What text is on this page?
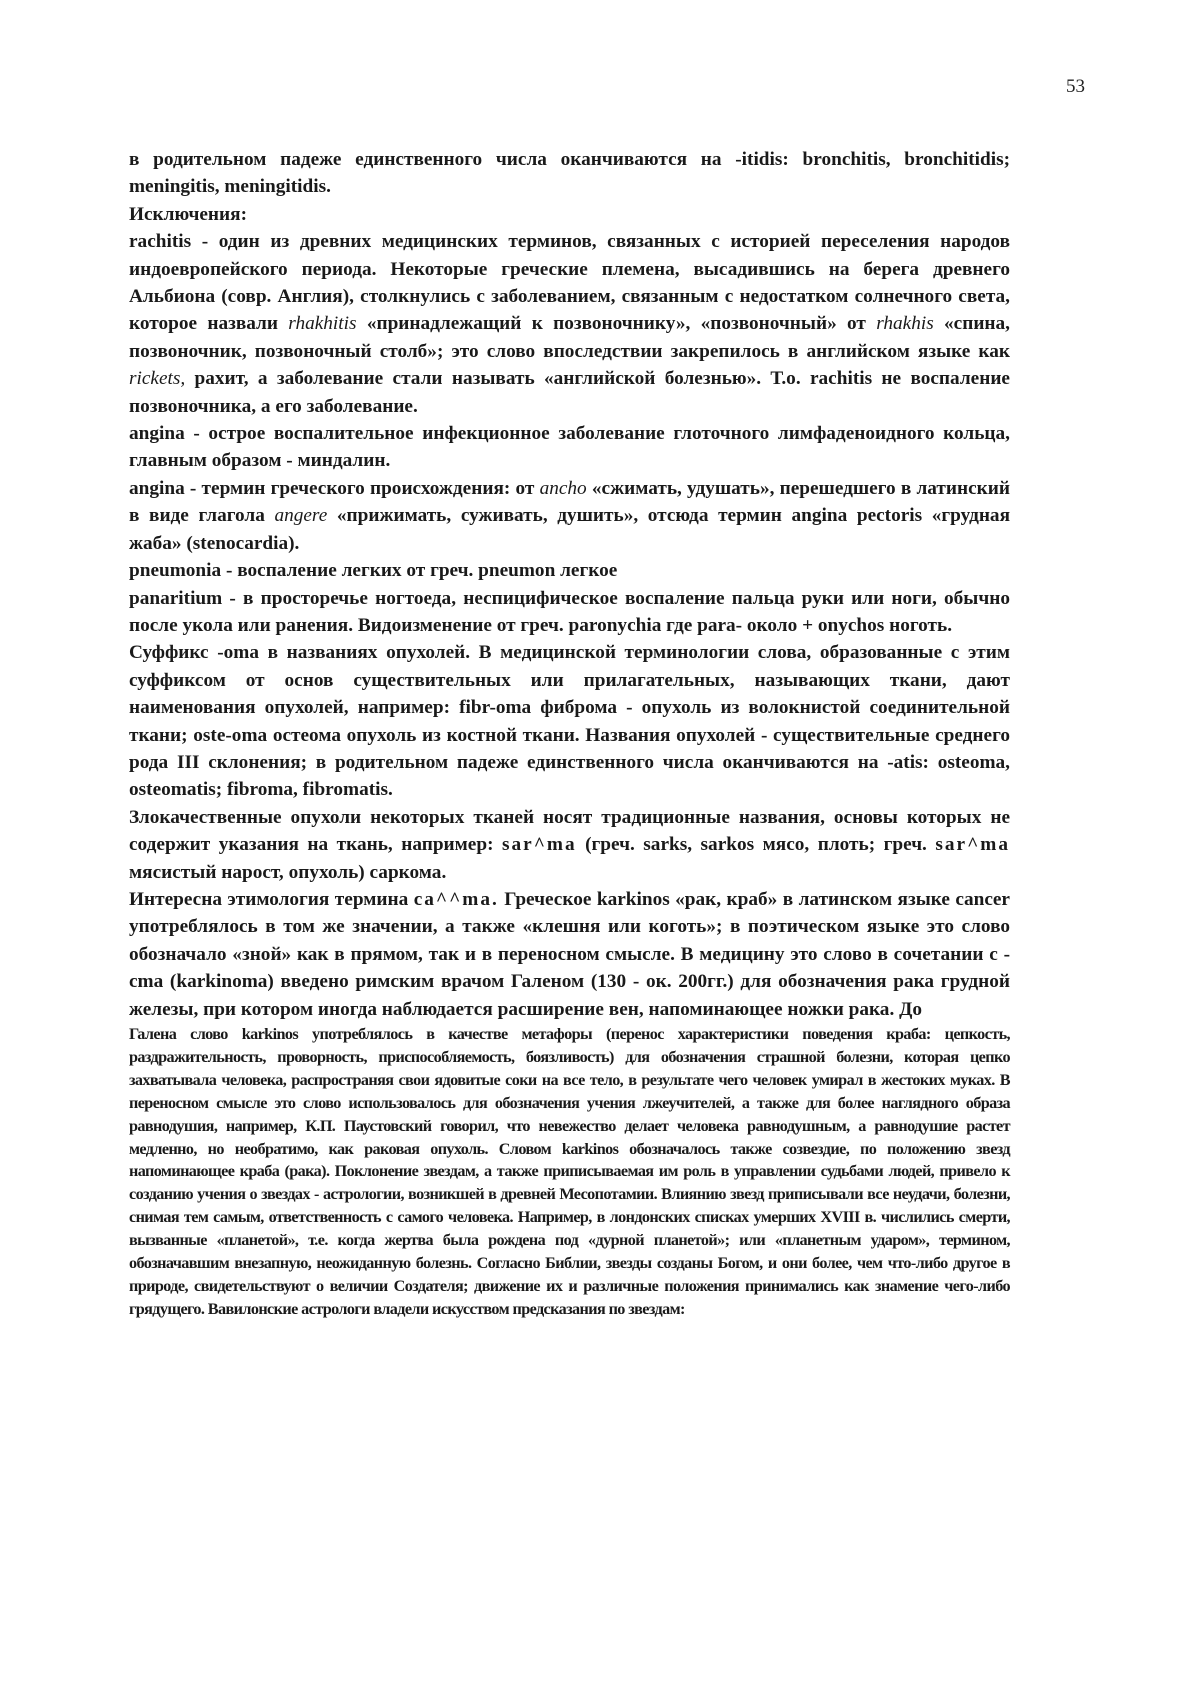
53

в родительном падеже единственного числа оканчиваются на -itidis: bronchitis, bronchitidis; meningitis, meningitidis.

Исключения:

rachitis - один из древних медицинских терминов, связанных с историей переселения народов индоевропейского периода. Некоторые греческие племена, высадившись на берега древнего Альбиона (совр. Англия), столкнулись с заболеванием, связанным с недостатком солнечного света, которое назвали rhakhitis «принадлежащий к позвоночнику», «позвоночный» от rhakhis «спина, позвоночник, позвоночный столб»; это слово впоследствии закрепилось в английском языке как rickets, рахит, а заболевание стали называть «английской болезнью». Т.о. rachitis не воспаление позвоночника, а его заболевание.

angina - острое воспалительное инфекционное заболевание глоточного лимфаденоидного кольца, главным образом - миндалин.

angina - термин греческого происхождения: от ancho «сжимать, удушать», перешедшего в латинский в виде глагола angere «прижимать, суживать, душить», отсюда термин angina pectoris «грудная жаба» (stenocardia).

pneumonia - воспаление легких от греч. pneumon легкое

panaritium - в просторечье ногтоеда, неспицифическое воспаление пальца руки или ноги, обычно после укола или ранения. Видоизменение от греч. paronychia где para- около + onychos ноготь.

Суффикс -oma в названиях опухолей. В медицинской терминологии слова, образованные с этим суффиксом от основ существительных или прилагательных, называющих ткани, дают наименования опухолей, например: fibr-oma фиброма - опухоль из волокнистой соединительной ткани; oste-oma остеома опухоль из костной ткани. Названия опухолей - существительные среднего рода III склонения; в родительном падеже единственного числа оканчиваются на -atis: osteoma, osteomatis; fibroma, fibromatis.

Злокачественные опухоли некоторых тканей носят традиционные названия, основы которых не содержит указания на ткань, например: sar^ma (греч. sarks, sarkos мясо, плоть; греч. sar^ma мясистый нарост, опухоль) саркома.

Интересна этимология термина ca^^ma. Греческое karkinos «рак, краб» в латинском языке cancer употреблялось в том же значении, а также «клешня или коготь»; в поэтическом языке это слово обозначало «зной» как в прямом, так и в переносном смысле. В медицину это слово в сочетании с -cma (karkinoma) введено римским врачом Галеном (130 - ок. 200гг.) для обозначения рака грудной железы, при котором иногда наблюдается расширение вен, напоминающее ножки рака. До

Галена слово karkinos употреблялось в качестве метафоры (перенос характеристики поведения краба: цепкость, раздражительность, проворность, приспособляемость, боязливость) для обозначения страшной болезни, которая цепко захватывала человека, распространяя свои ядовитые соки на все тело, в результате чего человек умирал в жестоких муках. В переносном смысле это слово использовалось для обозначения учения лжеучителей, а также для более наглядного образа равнодушия, например, К.П. Паустовский говорил, что невежество делает человека равнодушным, а равнодушие растет медленно, но необратимо, как раковая опухоль. Словом karkinos обозначалось также созвездие, по положению звезд напоминающее краба (рака). Поклонение звездам, а также приписываемая им роль в управлении судьбами людей, привело к созданию учения о звездах - астрологии, возникшей в древней Месопотамии. Влиянию звезд приписывали все неудачи, болезни, снимая тем самым, ответственность с самого человека. Например, в лондонских списках умерших XVIII в. числились смерти, вызванные «планетой», т.е. когда жертва была рождена под «дурной планетой»; или «планетным ударом», термином, обозначавшим внезапную, неожиданную болезнь. Согласно Библии, звезды созданы Богом, и они более, чем что-либо другое в природе, свидетельствуют о величии Создателя; движение их и различные положения принимались как знамение чего-либо грядущего. Вавилонские астрологи владели искусством предсказания по звездам:
